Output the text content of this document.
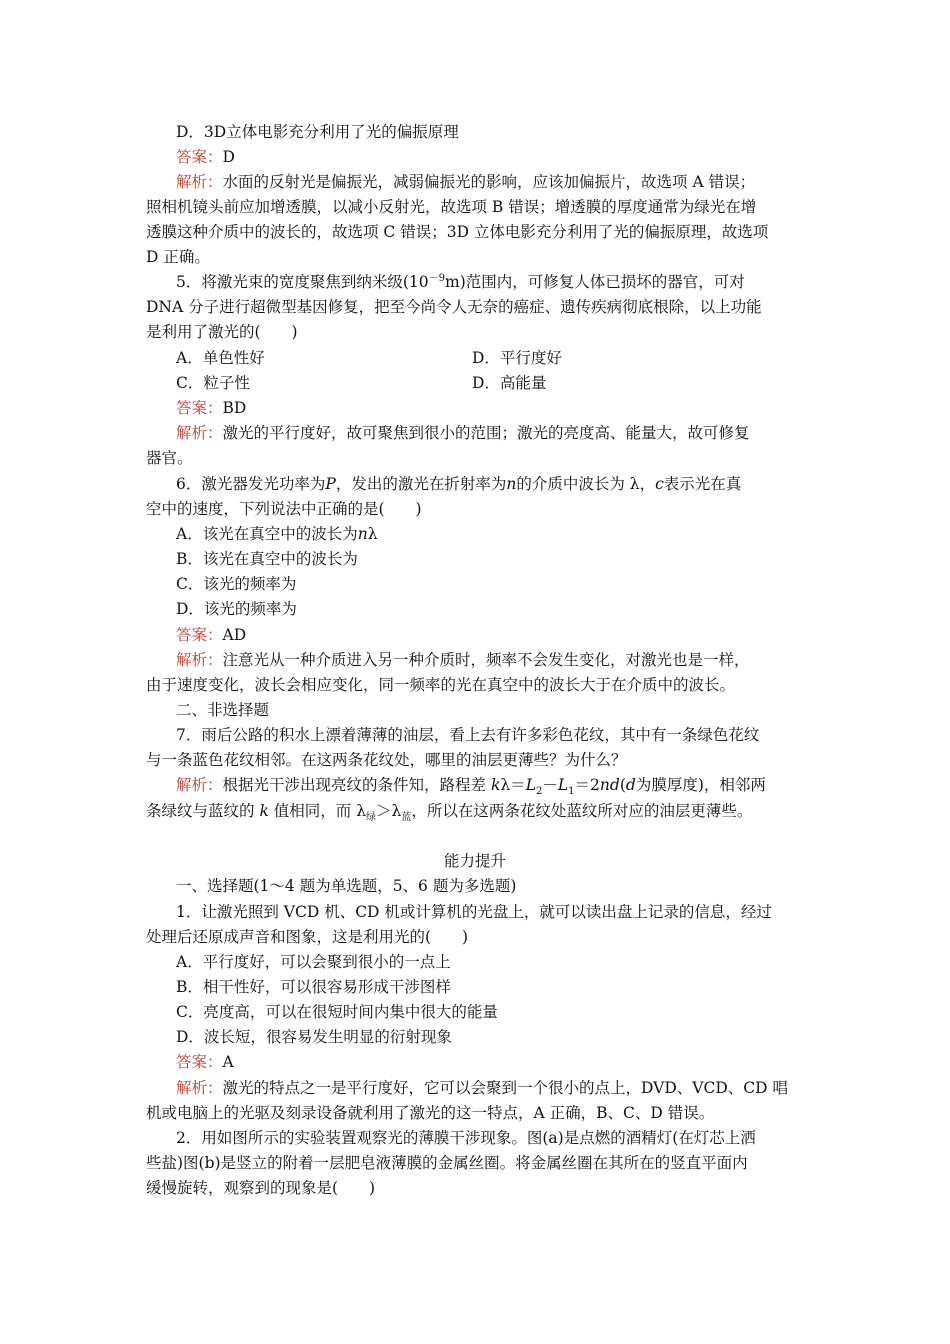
D．3D立体电影充分利用了光的偏振原理
答案：D
解析：水面的反射光是偏振光，减弱偏振光的影响，应该加偏振片，故选项 A 错误；
照相机镜头前应加增透膜，以减小反射光，故选项 B 错误；增透膜的厚度通常为绿光在增
透膜这种介质中的波长的，故选项 C 错误；3D 立体电影充分利用了光的偏振原理，故选项
D 正确。
5．将激光束的宽度聚焦到纳米级$(10^{-9}m)$范围内，可修复人体已损坏的器官，可对
DNA 分子进行超微型基因修复，把至今尚令人无奈的癌症、遗传疾病彻底根除，以上功能
是利用了激光的(　　)
A．单色性好	D．平行度好
C．粒子性	D．高能量
答案：BD
解析：激光的平行度好，故可聚焦到很小的范围；激光的亮度高、能量大，故可修复
器官。
6．激光器发光功率为P，发出的激光在折射率为n的介质中波长为 λ，c表示光在真
空中的速度，下列说法中正确的是(　　)
A．该光在真空中的波长为nλ
B．该光在真空中的波长为
C．该光的频率为
D．该光的频率为
答案：AD
解析：注意光从一种介质进入另一种介质时，频率不会发生变化，对激光也是一样，
由于速度变化，波长会相应变化，同一频率的光在真空中的波长大于在介质中的波长。
二、非选择题
7．雨后公路的积水上漂着薄薄的油层，看上去有许多彩色花纹，其中有一条绿色花纹
与一条蓝色花纹相邻。在这两条花纹处，哪里的油层更薄些？为什么？
解析：根据光干涉出现亮纹的条件知，路程差 $k\lambda=L_2-L_1=2nd(d$为膜厚度)，相邻两
条绿纹与蓝纹的 k 值相同，而 $\lambda_绿>\lambda_蓝$，所以在这两条花纹处蓝纹所对应的油层更薄些。
能力提升
一、选择题(1～4 题为单选题，5、6 题为多选题)
1．让激光照到 VCD 机、CD 机或计算机的光盘上，就可以读出盘上记录的信息，经过
处理后还原成声音和图象，这是利用光的(　　)
A．平行度好，可以会聚到很小的一点上
B．相干性好，可以很容易形成干涉图样
C．亮度高，可以在很短时间内集中很大的能量
D．波长短，很容易发生明显的衍射现象
答案：A
解析：激光的特点之一是平行度好，它可以会聚到一个很小的点上，DVD、VCD、CD 唱
机或电脑上的光驱及刻录设备就利用了激光的这一特点，A 正确，B、C、D 错误。
2．用如图所示的实验装置观察光的薄膜干涉现象。图(a)是点燃的酒精灯(在灯芯上洒
些盐)图(b)是竖立的附着一层肥皂液薄膜的金属丝圈。将金属丝圈在其所在的竖直平面内
缓慢旋转，观察到的现象是(　　)
